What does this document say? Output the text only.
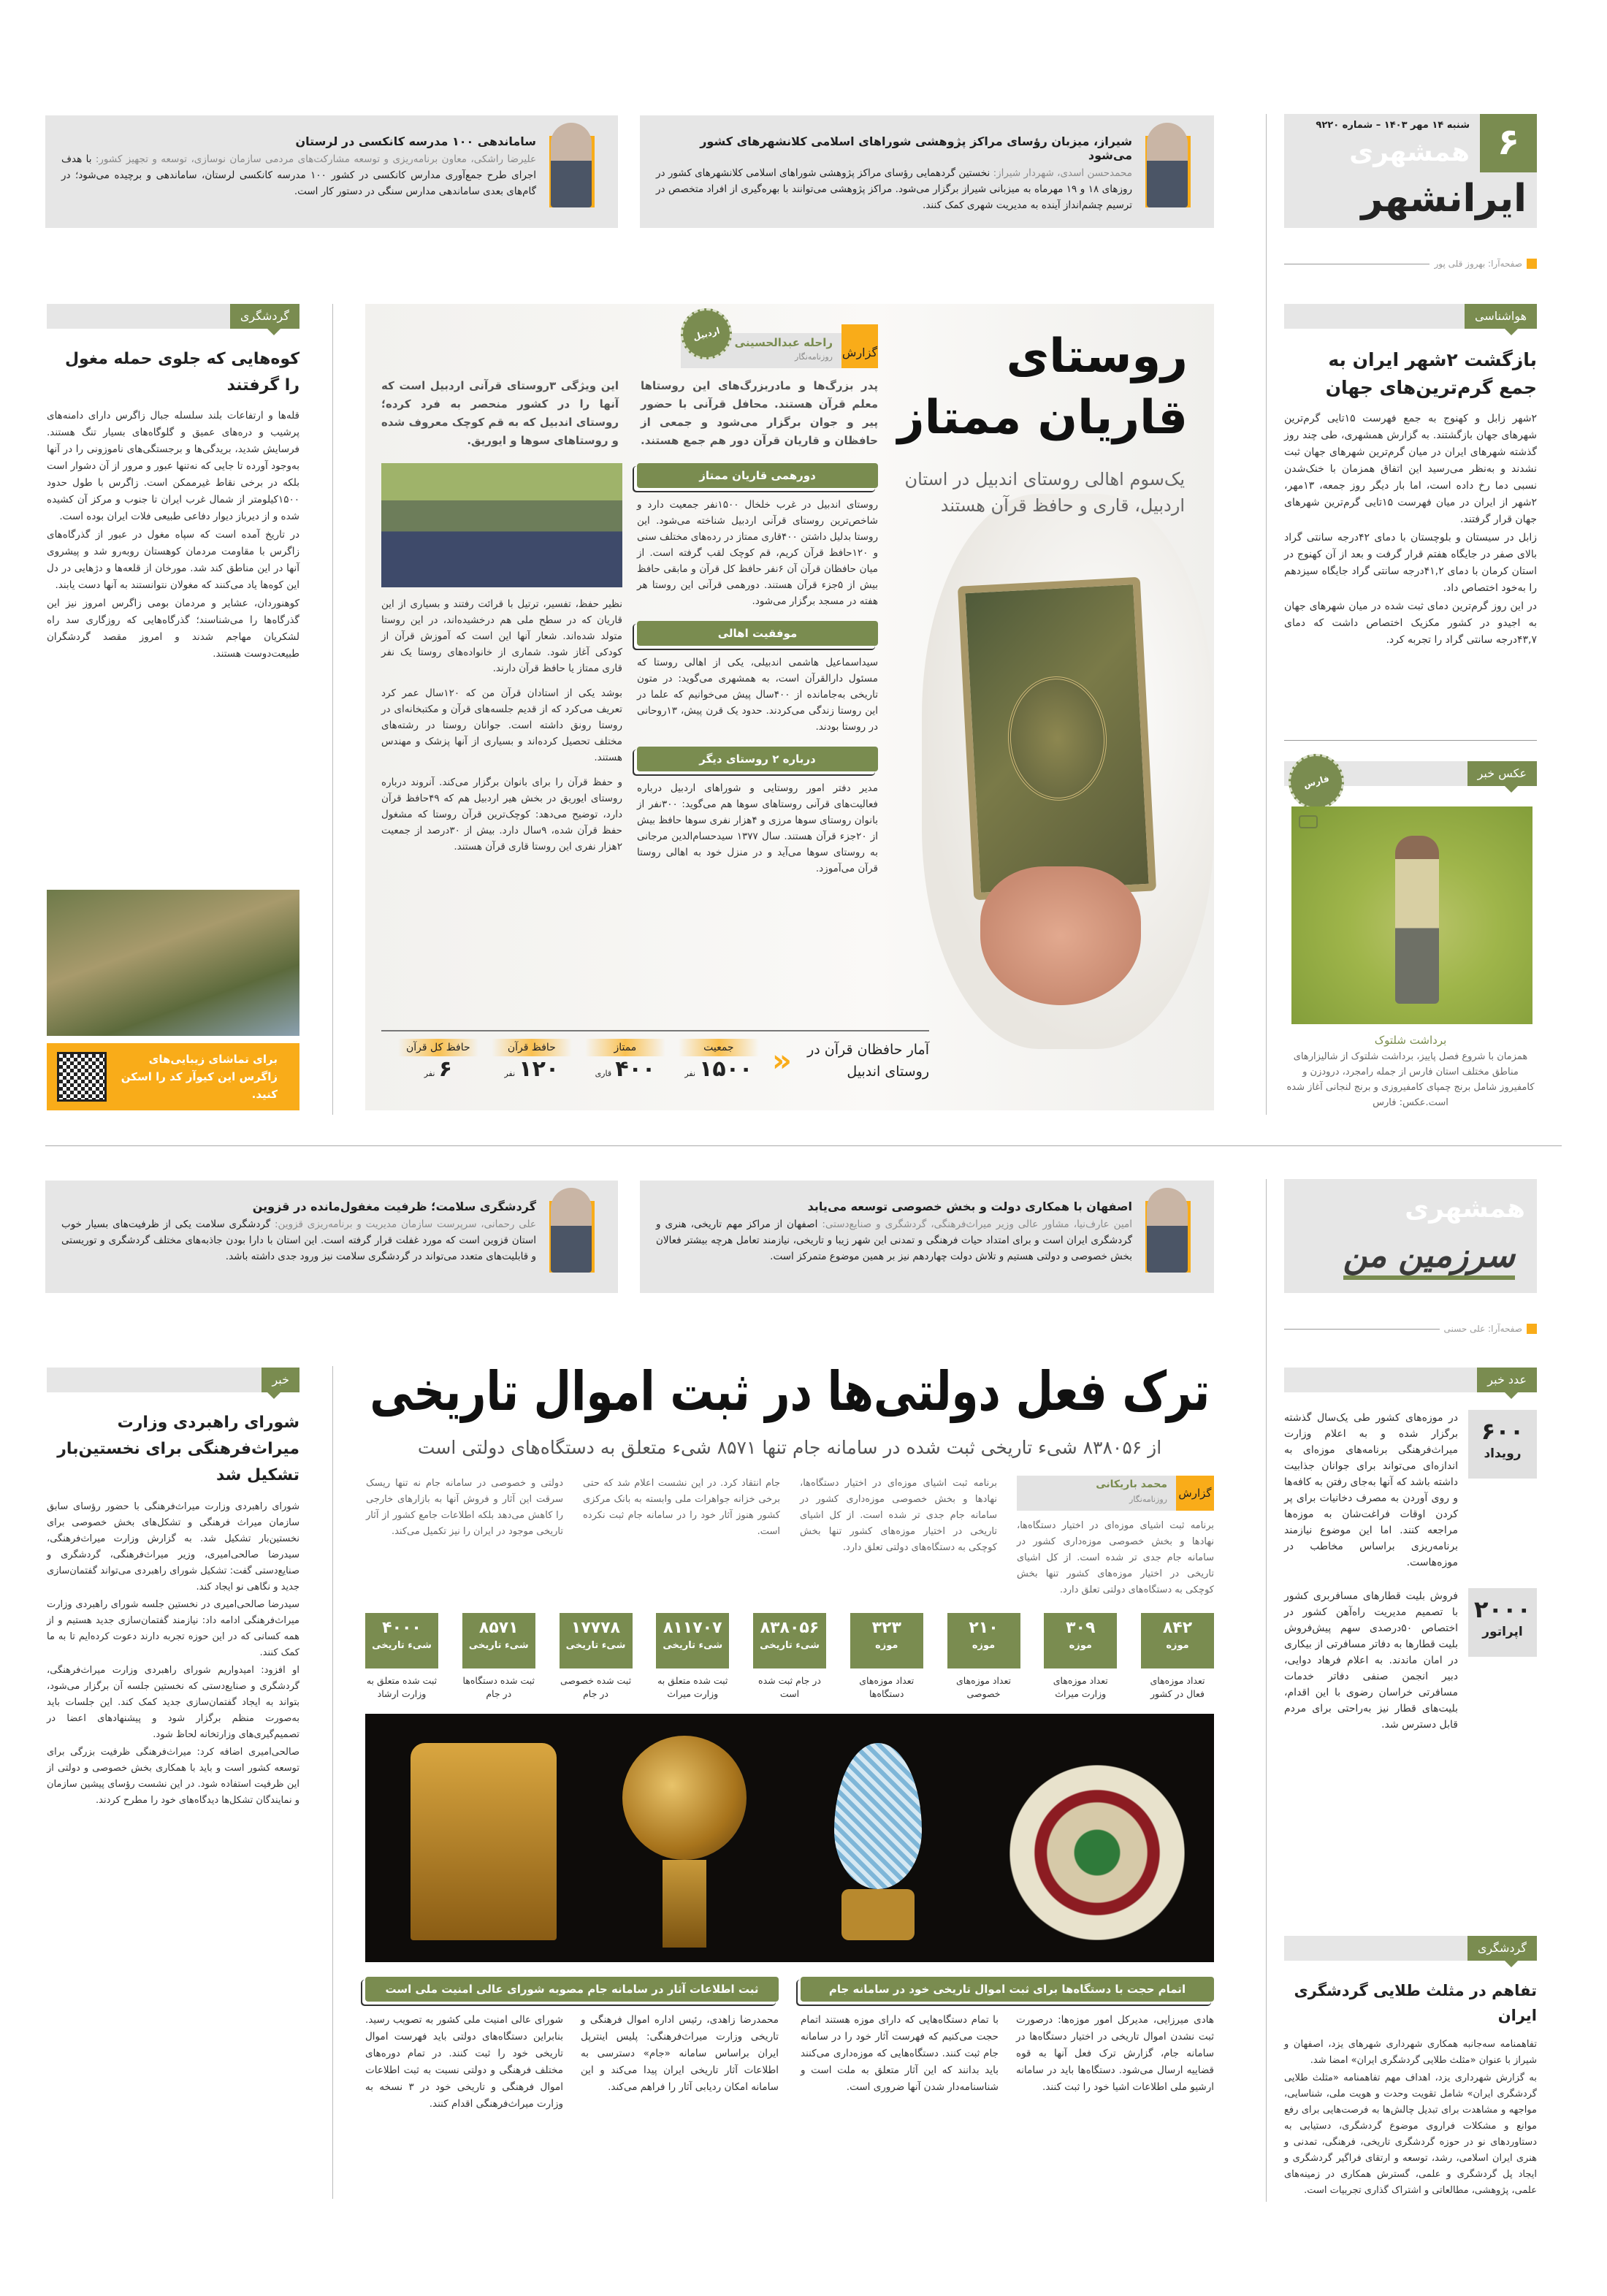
۶
شنبه ۱۴ مهر ۱۴۰۳ – شماره ۹۲۲۰
همشهری
ایرانشهر
صفحه‌آرا: بهروز قلی پور
شیراز، میزبان رؤسای مراکز پژوهشی شوراهای اسلامی کلانشهرهای کشور می‌شود

محمدحسن اسدی، شهردار شیراز: نخستین گردهمایی رؤسای مراکز پژوهشی شوراهای اسلامی کلانشهرهای کشور در روزهای ۱۸ و ۱۹ مهرماه به میزبانی شیراز برگزار می‌شود. مراکز پژوهشی می‌توانند با بهره‌گیری از افراد متخصص در ترسیم چشم‌انداز آینده به مدیریت شهری کمک کنند.

ساماندهی ۱۰۰ مدرسه کانکسی در لرستان

علیرضا راشکی، معاون برنامه‌ریزی و توسعه مشارکت‌های مردمی سازمان نوسازی، توسعه و تجهیز کشور: با هدف اجرای طرح جمع‌آوری مدارس کانکسی در کشور ۱۰۰ مدرسه کانکسی لرستان، ساماندهی و برچیده می‌شود؛ در گام‌های بعدی ساماندهی مدارس سنگی در دستور کار است.

هواشناسی
بازگشت ۲شهر ایران به جمع گرم‌ترین‌های جهان

۲شهر زابل و کهنوج به جمع فهرست ۱۵تایی گرم‌ترین شهرهای جهان بازگشتند. به گزارش همشهری، طی چند روز گذشته شهرهای ایران در میان گرم‌ترین شهرهای جهان ثبت نشدند و به‌نظر می‌رسید این اتفاق همزمان با خنک‌شدن نسبی دما رخ داده است، اما بار دیگر روز جمعه، ۱۳مهر، ۲شهر از ایران در میان فهرست ۱۵تایی گرم‌ترین شهرهای جهان قرار گرفتند.

زابل در سیستان و بلوچستان با دمای ۴۲درجه سانتی گراد بالای صفر در جایگاه هفتم قرار گرفت و بعد از آن کهنوج در استان کرمان با دمای ۴۱,۲درجه سانتی گراد جایگاه سیزدهم را به‌خود اختصاص داد.

در این روز گرم‌ترین دمای ثبت شده در میان شهرهای جهان به اجیدو در کشور مکزیک اختصاص داشت که دمای ۴۳,۷درجه سانتی گراد را تجربه کرد.

عکس خبر
فارس
برداشت شلتوک
همزمان با شروع فصل پاییز، برداشت شلتوک از شالیزارهای مناطق مختلف استان فارس از جمله رامجرد، درودزن و کامفیروز شامل برنج چمپای کامفیروزی و برنج لنجانی آغاز شده است.عکس: فارس
گردشگری
کوه‌هایی که جلوی حمله مغول را گرفتند

قله‌ها و ارتفاعات بلند سلسله جبال زاگرس دارای دامنه‌های پرشیب و دره‌های عمیق و گلوگاه‌های بسیار تنگ هستند. فرسایش شدید، بریدگی‌ها و برجستگی‌های ناموزونی را در آنها به‌وجود آورده تا جایی که نه‌تنها عبور و مرور از آن دشوار است بلکه در برخی نقاط غیرممکن است. زاگرس با طول حدود ۱۵۰۰کیلومتر از شمال غرب ایران تا جنوب و مرکز آن کشیده شده و از دیرباز دیوار دفاعی طبیعی فلات ایران بوده است.

در تاریخ آمده است که سپاه مغول در عبور از گذرگاه‌های زاگرس با مقاومت مردمان کوهستان روبه‌رو شد و پیشروی آنها در این مناطق کند شد. مورخان از قلعه‌ها و دژهایی در دل این کوه‌ها یاد می‌کنند که مغولان نتوانستند به آنها دست یابند.

کوهنوردان، عشایر و مردمان بومی زاگرس امروز نیز این گذرگاه‌ها را می‌شناسند؛ گذرگاه‌هایی که روزگاری سد راه لشکریان مهاجم شدند و امروز مقصد گردشگران طبیعت‌دوست هستند.

برای تماشای زیبایی‌های زاگرس این کیوآر کد را اسکن کنید.
روستای
قاریان ممتاز
یک‌سوم اهالی روستای اندبیل در استان اردبیل، قاری و حافظ قرآن هستند
گزارش
راحله عبدالحسینی
روزنامه‌نگار
اردبیل
پدر بزرگ‌ها و مادربزرگ‌های این روستاها معلم قرآن هستند. محافل قرآنی با حضور پیر و جوان برگزار می‌شود و جمعی از حافظان و قاریان قرآن دور هم جمع هستند. این ویژگی ۳روستای قرآنی اردبیل است که آنها را در کشور منحصر به فرد کرده؛ روستای اندبیل که به قم کوچک معروف شده و روستاهای سوها و ایوریق.
دورهمی قاریان ممتاز

روستای اندبیل در غرب خلخال ۱۵۰۰نفر جمعیت دارد و شاخص‌ترین روستای قرآنی اردبیل شناخته می‌شود. این روستا بدلیل داشتن ۴۰۰قاری ممتاز در رده‌های مختلف سنی و ۱۲۰حافظ قرآن کریم، قم کوچک لقب گرفته است. از میان حافظان قرآن آن ۶نفر حافظ کل قرآن و مابقی حافظ بیش از ۵جزء قرآن هستند. دورهمی قرآنی این روستا هر هفته در مسجد برگزار می‌شود.

موفقیت اهالی

سیداسماعیل هاشمی اندبیلی، یکی از اهالی روستا که مسئول دارالقرآن است، به همشهری می‌گوید: در متون تاریخی به‌جامانده از ۴۰۰سال پیش می‌خوانیم که علما در این روستا زندگی می‌کردند. حدود یک قرن پیش، ۱۳روحانی در روستا بودند.

درباره ۲ روستای دیگر

مدیر دفتر امور روستایی و شوراهای اردبیل درباره فعالیت‌های قرآنی روستاهای سوها هم می‌گوید: ۳۰۰نفر از بانوان روستای سوها مرزی و ۴هزار نفری سوها حافظ بیش از ۲۰جزء قرآن هستند. سال ۱۳۷۷ سیدحسام‌الدین مرجانی به روستای سوها می‌آید و در منزل خود به اهالی روستا قرآن می‌آموزد.

نظیر حفظ، تفسیر، ترتیل با قرائت رفتند و بسیاری از این قاریان که در سطح ملی هم درخشیده‌اند، در این روستا متولد شده‌اند. شعار آنها این است که آموزش قرآن از کودکی آغاز شود. شماری از خانواده‌های روستا یک نفر قاری ممتاز یا حافظ قرآن دارند.

بوشد یکی از استادان قرآن من که ۱۲۰سال عمر کرد تعریف می‌کرد که از قدیم جلسه‌های قرآن و مکتبخانه‌ای در روستا رونق داشته است. جوانان روستا در رشته‌های مختلف تحصیل کرده‌اند و بسیاری از آنها پزشک و مهندس هستند.

و حفظ قرآن را برای بانوان برگزار می‌کند. آنروند درباره روستای ایوریق در بخش هیر اردبیل هم که ۴۹حافظ قرآن دارد، توضیح می‌دهد: کوچک‌ترین قرآن روستا که مشغول حفظ قرآن شده، ۹سال دارد. بیش از ۳۰درصد از جمعیت ۲هزار نفری این روستا قاری قرآن هستند.

آمار حافظان قرآن در روستای اندبیل
«
جمعیت
۱۵۰۰ نفر
ممتاز
۴۰۰ قاری
حافظ قرآن
۱۲۰ نفر
حافظ کل قرآن
۶ نفر
همشهری
سرزمین من
صفحه‌آرا: علی حسنی
اصفهان با همکاری دولت و بخش خصوصی توسعه می‌یابد

امین عارف‌نیا، مشاور عالی وزیر میراث‌فرهنگی، گردشگری و صنایع‌دستی: اصفهان از مراکز مهم تاریخی، هنری و گردشگری ایران است و برای امتداد حیات فرهنگی و تمدنی این شهر زیبا و تاریخی، نیازمند تعامل هرچه بیشتر فعالان بخش خصوصی و دولتی هستیم و تلاش دولت چهاردهم نیز بر همین موضوع متمرکز است.

گردشگری سلامت؛ ظرفیت مغفول‌مانده در قزوین

علی رحمانی، سرپرست سازمان مدیریت و برنامه‌ریزی قزوین: گردشگری سلامت یکی از ظرفیت‌های بسیار خوب استان قزوین است که مورد غفلت قرار گرفته است. این استان با دارا بودن جاذبه‌های مختلف گردشگری و توریستی و قابلیت‌های متعدد می‌تواند در گردشگری سلامت نیز ورود جدی داشته باشد.

عدد خبر
۶۰۰
رویداد
در موزه‌های کشور طی یک‌سال گذشته برگزار شده و به اعلام وزارت میراث‌فرهنگی برنامه‌های موزه‌ای به اندازه‌ای می‌تواند برای جوانان جذابیت داشته باشد که آنها به‌جای رفتن به کافه‌ها و روی آوردن به مصرف دخانیات برای پر کردن اوقات فراغت‌شان به موزه‌ها مراجعه کنند. اما این موضوع نیازمند برنامه‌ریزی براساس مخاطب در موزه‌هاست.
۲۰۰۰
اپراتور
فروش بلیت قطارهای مسافربری کشور با تصمیم مدیریت راه‌آهن کشور در اختصاص ۵۰درصدی سهم پیش‌فروش بلیت قطارها به دفاتر مسافرتی از بیکاری در امان ماندند. به اعلام فرهاد دوایی، دبیر انجمن صنفی دفاتر خدمات مسافرتی خراسان رضوی با این اقدام، بلیت‌های قطار نیز به‌راحتی برای مردم قابل دسترس شد.
گردشگری
تفاهم در مثلث طلایی گردشگری ایران

تفاهمنامه سه‌جانبه همکاری شهرداری شهرهای یزد، اصفهان و شیراز با عنوان «مثلث طلایی گردشگری ایران» امضا شد.

به گزارش شهرداری یزد، اهداف مهم تفاهمنامه «مثلث طلایی گردشگری ایران» شامل تقویت وحدت و هویت ملی، شناسایی، مواجهه و مشاهدت برای تبدیل چالش‌ها به فرصت‌هایی برای رفع موانع و مشکلات فراروی موضوع گردشگری، دستیابی به دستاوردهای نو در حوزه گردشگری تاریخی، فرهنگی، تمدنی و هنری ایران اسلامی، رشد، توسعه و ارتقای فراگیر گردشگری و ایجاد پل گردشگری و علمی، گسترش همکاری در زمینه‌های علمی، پژوهشی، مطالعاتی و اشتراک گذاری تجربیات است.

خبر
شورای راهبردی وزارت میراث‌فرهنگی برای نخستین‌بار تشکیل شد

شورای راهبردی وزارت میراث‌فرهنگی با حضور رؤسای سابق سازمان میراث فرهنگی و تشکل‌های بخش خصوصی برای نخستین‌بار تشکیل شد. به گزارش وزارت میراث‌فرهنگی، سیدرضا صالحی‌امیری، وزیر میراث‌فرهنگی، گردشگری و صنایع‌دستی گفت: تشکیل شورای راهبردی می‌تواند گفتمان‌سازی جدید و نگاهی نو ایجاد کند.

سیدرضا صالحی‌امیری در نخستین جلسه شورای راهبردی وزارت میراث‌فرهنگی ادامه داد: نیازمند گفتمان‌سازی جدید هستیم و از همه کسانی که در این حوزه تجربه دارند دعوت کرده‌ایم تا به ما کمک کنند.

او افزود: امیدواریم شورای راهبردی وزارت میراث‌فرهنگی، گردشگری و صنایع‌دستی که نخستین جلسه آن برگزار می‌شود، بتواند به ایجاد گفتمان‌سازی جدید کمک کند. این جلسات باید به‌صورت منظم برگزار شود و پیشنهادهای اعضا در تصمیم‌گیری‌های وزارتخانه لحاظ شود.

صالحی‌امیری اضافه کرد: میراث‌فرهنگی ظرفیت بزرگی برای توسعه کشور است و باید با همکاری بخش خصوصی و دولتی از این ظرفیت استفاده شود. در این نشست رؤسای پیشین سازمان و نمایندگان تشکل‌ها دیدگاه‌های خود را مطرح کردند.

ترک فعل دولتی‌ها در ثبت اموال تاریخی
از ۸۳۸۰۵۶ شیء تاریخی ثبت شده در سامانه جام تنها ۸۵۷۱ شیء متعلق به دستگاه‌های دولتی است
گزارش
محمد باریکانی
روزنامه‌نگار
برنامه ثبت اشیای موزه‌ای در اختیار دستگاه‌ها، نهادها و بخش خصوصی موزه‌داری کشور در سامانه جام جدی تر شده است. از کل اشیای تاریخی در اختیار موزه‌های کشور تنها بخش کوچکی به دستگاه‌های دولتی تعلق دارد.
برنامه ثبت اشیای موزه‌ای در اختیار دستگاه‌ها، نهادها و بخش خصوصی موزه‌داری کشور در سامانه جام جدی تر شده است. از کل اشیای تاریخی در اختیار موزه‌های کشور تنها بخش کوچکی به دستگاه‌های دولتی تعلق دارد.
جام انتقاد کرد. در این نشست اعلام شد که حتی برخی خزانه جواهرات ملی وابسته به بانک مرکزی کشور هنوز آثار خود را در سامانه جام ثبت نکرده است.
دولتی و خصوصی در سامانه جام نه تنها ریسک سرقت این آثار و فروش آنها به بازارهای خارجی را کاهش می‌دهد بلکه اطلاعات جامع کشور از آثار تاریخی موجود در ایران را نیز تکمیل می‌کند.
۸۴۲
موزه
تعداد موزه‌های فعال در کشور
۳۰۹
موزه
تعداد موزه‌های وزارت میراث
۲۱۰
موزه
تعداد موزه‌های خصوصی
۳۲۳
موزه
تعداد موزه‌های دستگاه‌ها
۸۳۸۰۵۶
شیء تاریخی
در جام ثبت شده است
۸۱۱۷۰۷
شیء تاریخی
ثبت شده متعلق به وزارت میراث
۱۷۷۷۸
شیء تاریخی
ثبت شده خصوصی در جام
۸۵۷۱
شیء تاریخی
ثبت شده دستگاه‌ها در جام
۴۰۰۰
شیء تاریخی
ثبت شده متعلق به وزارت ارشاد
اتمام حجت با دستگاه‌ها برای ثبت اموال تاریخی خود در سامانه جام

هادی میرزایی، مدیرکل امور موزه‌ها: درصورت ثبت نشدن اموال تاریخی در اختیار دستگاه‌ها در سامانه جام، گزارش ترک فعل آنها به قوه قضاییه ارسال می‌شود. دستگاه‌ها باید در سامانه ارشیو ملی اطلاعات اشیا خود را ثبت کنند.

با تمام دستگاه‌هایی که دارای موزه هستند اتمام حجت می‌کنیم که فهرست آثار خود را در سامانه جام ثبت کنند. دستگاه‌هایی که موزه‌داری می‌کنند باید بدانند که این آثار متعلق به ملت است و شناسنامه‌دار شدن آنها ضروری است.

ثبت اطلاعات آثار در سامانه جام مصوبه شورای عالی امنیت ملی است

محمدرضا زاهدی، رئیس اداره اموال فرهنگی و تاریخی وزارت میراث‌فرهنگی: پلیس اینترپل ایران براساس سامانه «جام» دسترسی به اطلاعات آثار تاریخی ایران پیدا می‌کند و این سامانه امکان ردیابی آثار را فراهم می‌کند.

شورای عالی امنیت ملی کشور به تصویب رسید. بنابراین دستگاه‌های دولتی باید فهرست اموال تاریخی خود را ثبت کنند. در تمام دوره‌های مختلف فرهنگی و دولتی نسبت به ثبت اطلاعات اموال فرهنگی و تاریخی خود در ۳ نسخه به وزارت میراث‌فرهنگی اقدام کنند.
